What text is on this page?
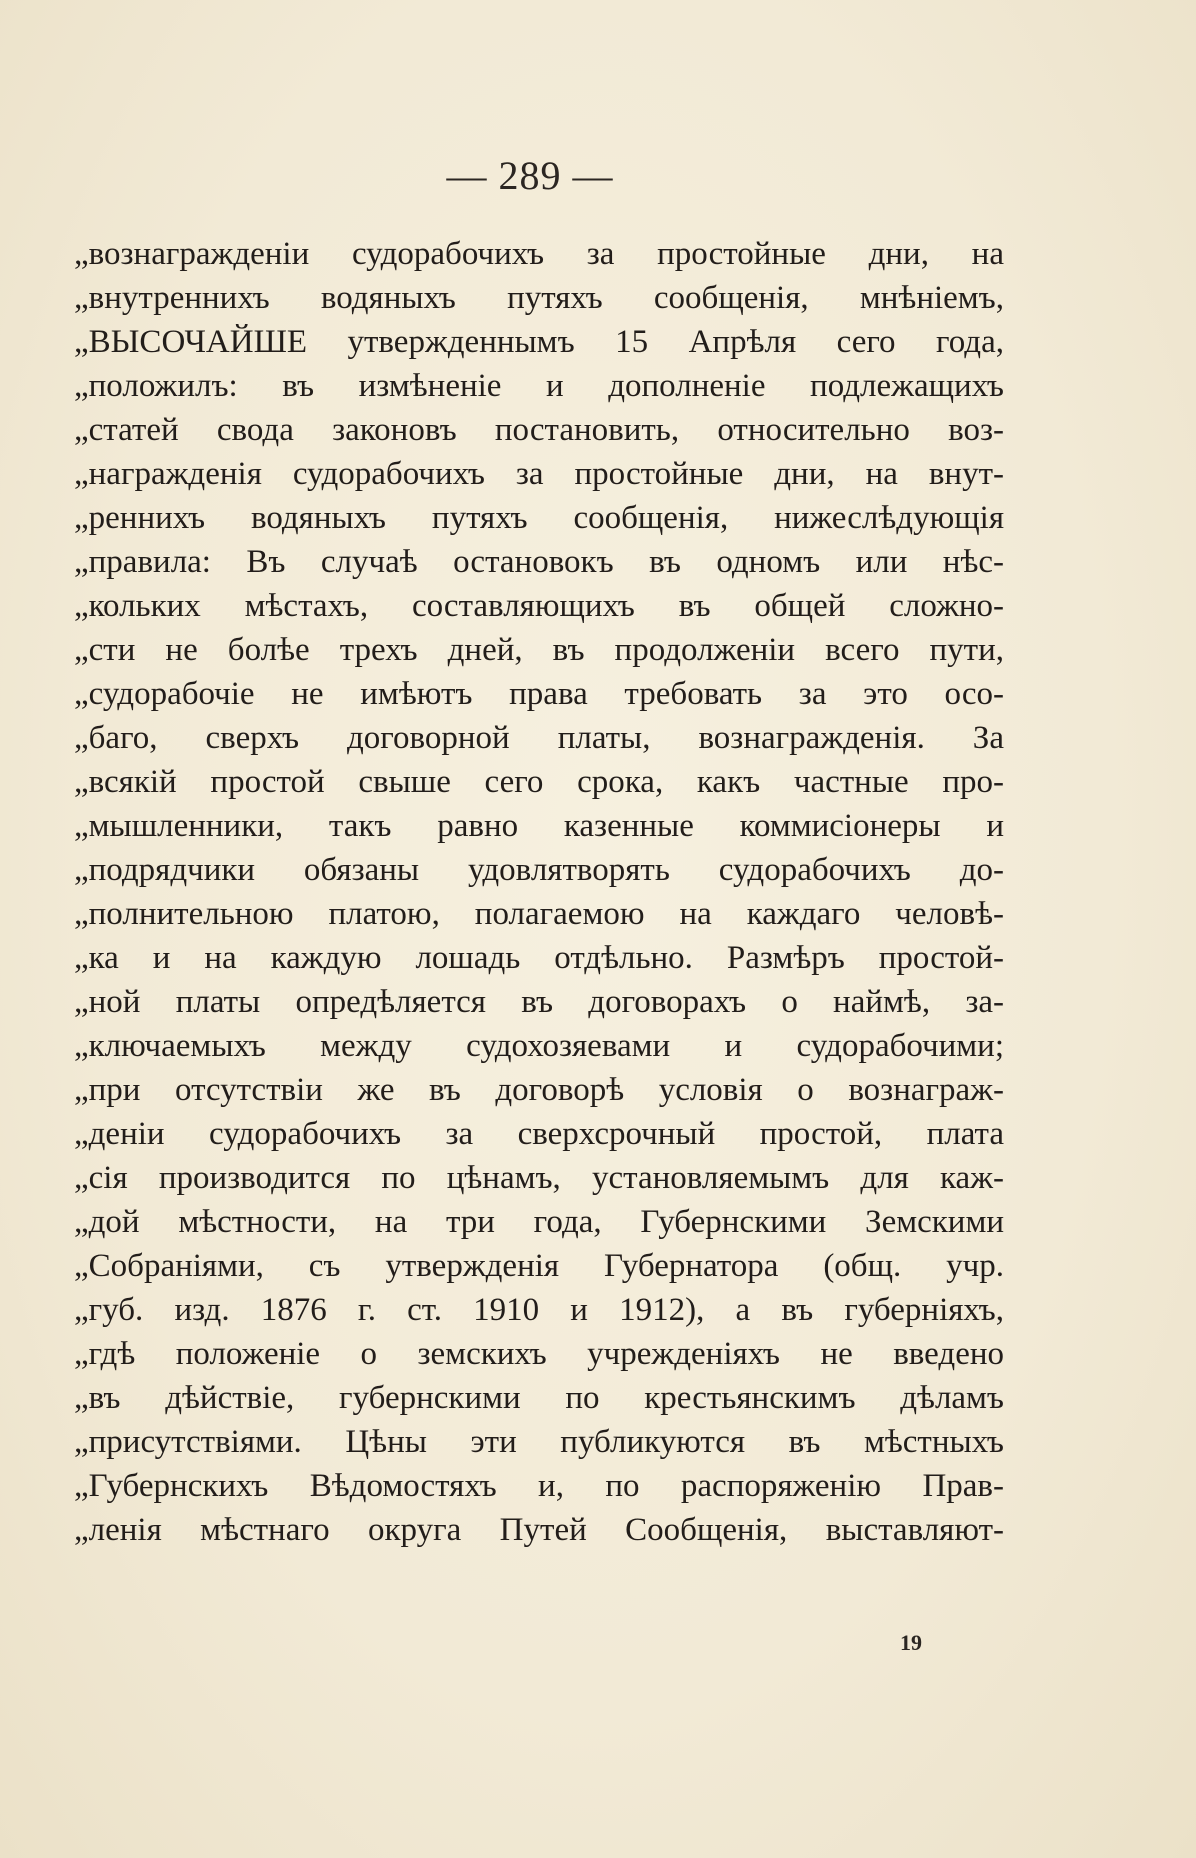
— 289 —
„вознагражденіи судорабочихъ за простойные дни, на
„внутреннихъ водяныхъ путяхъ сообщенія, мнѣніемъ,
„ВЫСОЧАЙШЕ утвержденнымъ 15 Апрѣля сего года,
„положилъ: въ измѣненіе и дополненіе подлежащихъ
„статей свода законовъ постановить, относительно воз-
„награжденія судорабочихъ за простойные дни, на внут-
„реннихъ водяныхъ путяхъ сообщенія, нижеслѣдующія
„правила: Въ случаѣ остановокъ въ одномъ или нѣс-
„кольких мѣстахъ, составляющихъ въ общей сложно-
„сти не болѣе трехъ дней, въ продолженіи всего пути,
„судорабочіе не имѣютъ права требовать за это осо-
„баго, сверхъ договорной платы, вознагражденія. За
„всякій простой свыше сего срока, какъ частные про-
„мышленники, такъ равно казенные коммисіонеры и
„подрядчики обязаны удовлятворять судорабочихъ до-
„полнительною платою, полагаемою на каждаго человѣ-
„ка и на каждую лошадь отдѣльно. Размѣръ простой-
„ной платы опредѣляется въ договорахъ о наймѣ, за-
„ключаемыхъ между судохозяевами и судорабочими;
„при отсутствіи же въ договорѣ условія о вознаграж-
„деніи судорабочихъ за сверхсрочный простой, плата
„сія производится по цѣнамъ, установляемымъ для каж-
„дой мѣстности, на три года, Губернскими Земскими
„Собраніями, съ утвержденія Губернатора (общ. учр.
„губ. изд. 1876 г. ст. 1910 и 1912), а въ губерніяхъ,
„гдѣ положеніе о земскихъ учрежденіяхъ не введено
„въ дѣйствіе, губернскими по крестьянскимъ дѣламъ
„присутствіями. Цѣны эти публикуются въ мѣстныхъ
„Губернскихъ Вѣдомостяхъ и, по распоряженію Прав-
„ленія мѣстнаго округа Путей Сообщенія, выставляют-
19
